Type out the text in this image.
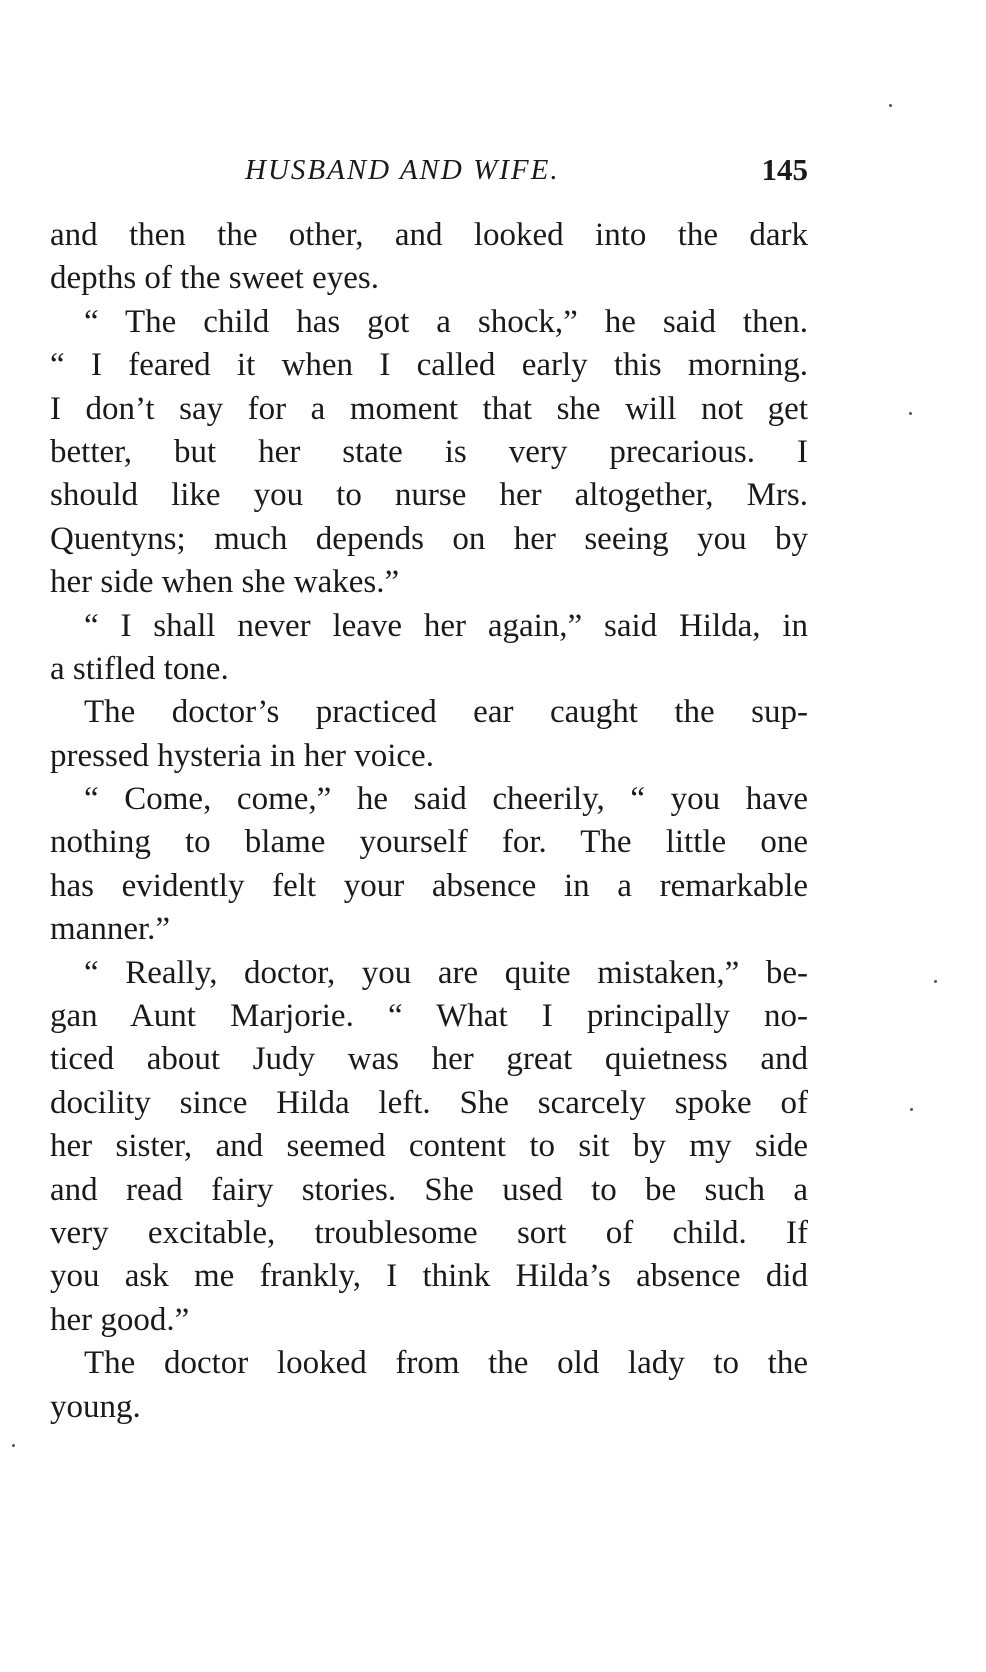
HUSBAND AND WIFE.	145
and then the other, and looked into the dark
depths of the sweet eyes.
“ The child has got a shock,” he said then.
“ I feared it when I called early this morning.
I don’t say for a moment that she will not get
better, but her state is very precarious. I
should like you to nurse her altogether, Mrs.
Quentyns; much depends on her seeing you by
her side when she wakes.”
“ I shall never leave her again,” said Hilda, in
a stifled tone.
The doctor’s practiced ear caught the sup-
pressed hysteria in her voice.
“ Come, come,” he said cheerily, “ you have
nothing to blame yourself for. The little one
has evidently felt your absence in a remarkable
manner.”
“ Really, doctor, you are quite mistaken,” be-
gan Aunt Marjorie. “ What I principally no-
ticed about Judy was her great quietness and
docility since Hilda left. She scarcely spoke of
her sister, and seemed content to sit by my side
and read fairy stories. She used to be such a
very excitable, troublesome sort of child. If
you ask me frankly, I think Hilda’s absence did
her good.”
The doctor looked from the old lady to the
young.
